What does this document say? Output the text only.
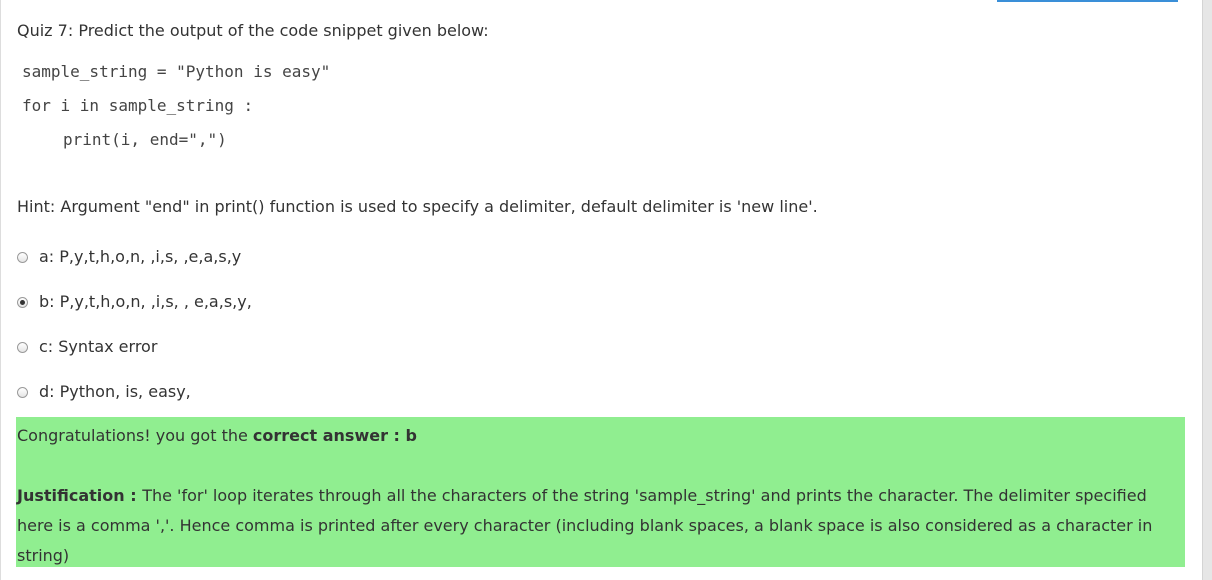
Quiz 7: Predict the output of the code snippet given below:
sample_string = "Python is easy"
for i in sample_string :
print(i, end=",")
Hint: Argument "end" in print() function is used to specify a delimiter, default delimiter is 'new line'.
a: P,y,t,h,o,n, ,i,s, ,e,a,s,y
b: P,y,t,h,o,n, ,i,s, , e,a,s,y,
c: Syntax error
d: Python, is, easy,

Congratulations! you got the correct answer : b

Justification : The 'for' loop iterates through all the characters of the string 'sample_string' and prints the character. The delimiter specified here is a comma ','. Hence comma is printed after every character (including blank spaces, a blank space is also considered as a character in string)
